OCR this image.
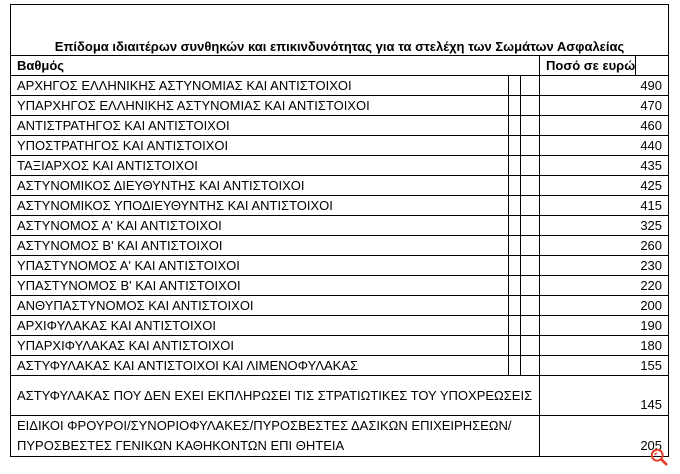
Επίδομα ιδιαιτέρων συνθηκών και επικινδυνότητας για τα στελέχη των Σωμάτων Ασφαλείας				
Βαθμός			Ποσό σε ευρώ	
ΑΡΧΗΓΟΣ ΕΛΛΗΝΙΚΗΣ ΑΣΤΥΝΟΜΙΑΣ ΚΑΙ ΑΝΤΙΣΤΟΙΧΟΙ			490	
ΥΠΑΡΧΗΓΟΣ ΕΛΛΗΝΙΚΗΣ ΑΣΤΥΝΟΜΙΑΣ ΚΑΙ ΑΝΤΙΣΤΟΙΧΟΙ			470	
ΑΝΤΙΣΤΡΑΤΗΓΟΣ ΚΑΙ ΑΝΤΙΣΤΟΙΧΟΙ			460	
ΥΠΟΣΤΡΑΤΗΓΟΣ ΚΑΙ ΑΝΤΙΣΤΟΙΧΟΙ			440	
ΤΑΞΙΑΡΧΟΣ ΚΑΙ ΑΝΤΙΣΤΟΙΧΟΙ			435	
ΑΣΤΥΝΟΜΙΚΟΣ ΔΙΕΥΘΥΝΤΗΣ ΚΑΙ ΑΝΤΙΣΤΟΙΧΟΙ			425	
ΑΣΤΥΝΟΜΙΚΟΣ ΥΠΟΔΙΕΥΘΥΝΤΗΣ ΚΑΙ ΑΝΤΙΣΤΟΙΧΟΙ			415	
ΑΣΤΥΝΟΜΟΣ Α' ΚΑΙ ΑΝΤΙΣΤΟΙΧΟΙ			325	
ΑΣΤΥΝΟΜΟΣ Β' ΚΑΙ ΑΝΤΙΣΤΟΙΧΟΙ			260	
ΥΠΑΣΤΥΝΟΜΟΣ Α' ΚΑΙ ΑΝΤΙΣΤΟΙΧΟΙ			230	
ΥΠΑΣΤΥΝΟΜΟΣ Β' ΚΑΙ ΑΝΤΙΣΤΟΙΧΟΙ			220	
ΑΝΘΥΠΑΣΤΥΝΟΜΟΣ ΚΑΙ ΑΝΤΙΣΤΟΙΧΟΙ			200	
ΑΡΧΙΦΥΛΑΚΑΣ ΚΑΙ ΑΝΤΙΣΤΟΙΧΟΙ			190	
ΥΠΑΡΧΙΦΥΛΑΚΑΣ ΚΑΙ ΑΝΤΙΣΤΟΙΧΟΙ			180	
ΑΣΤΥΦΥΛΑΚΑΣ ΚΑΙ ΑΝΤΙΣΤΟΙΧΟΙ ΚΑΙ ΛΙΜΕΝΟΦΥΛΑΚΑΣ			155	
ΑΣΤΥΦΥΛΑΚΑΣ ΠΟΥ ΔΕΝ ΕΧΕΙ ΕΚΠΛΗΡΩΣΕΙ ΤΙΣ ΣΤΡΑΤΙΩΤΙΚΕΣ ΤΟΥ ΥΠΟΧΡΕΩΣΕΙΣ			145	
ΕΙΔΙΚΟΙ ΦΡΟΥΡΟΙ/ΣΥΝΟΡΙΟΦΥΛΑΚΕΣ/ΠΥΡΟΣΒΕΣΤΕΣ ΔΑΣΙΚΩΝ ΕΠΙΧΕΙΡΗΣΕΩΝ/ΠΥΡΟΣΒΕΣΤΕΣ ΓΕΝΙΚΩΝ ΚΑΘΗΚΟΝΤΩΝ ΕΠΙ ΘΗΤΕΙΑ			205	
